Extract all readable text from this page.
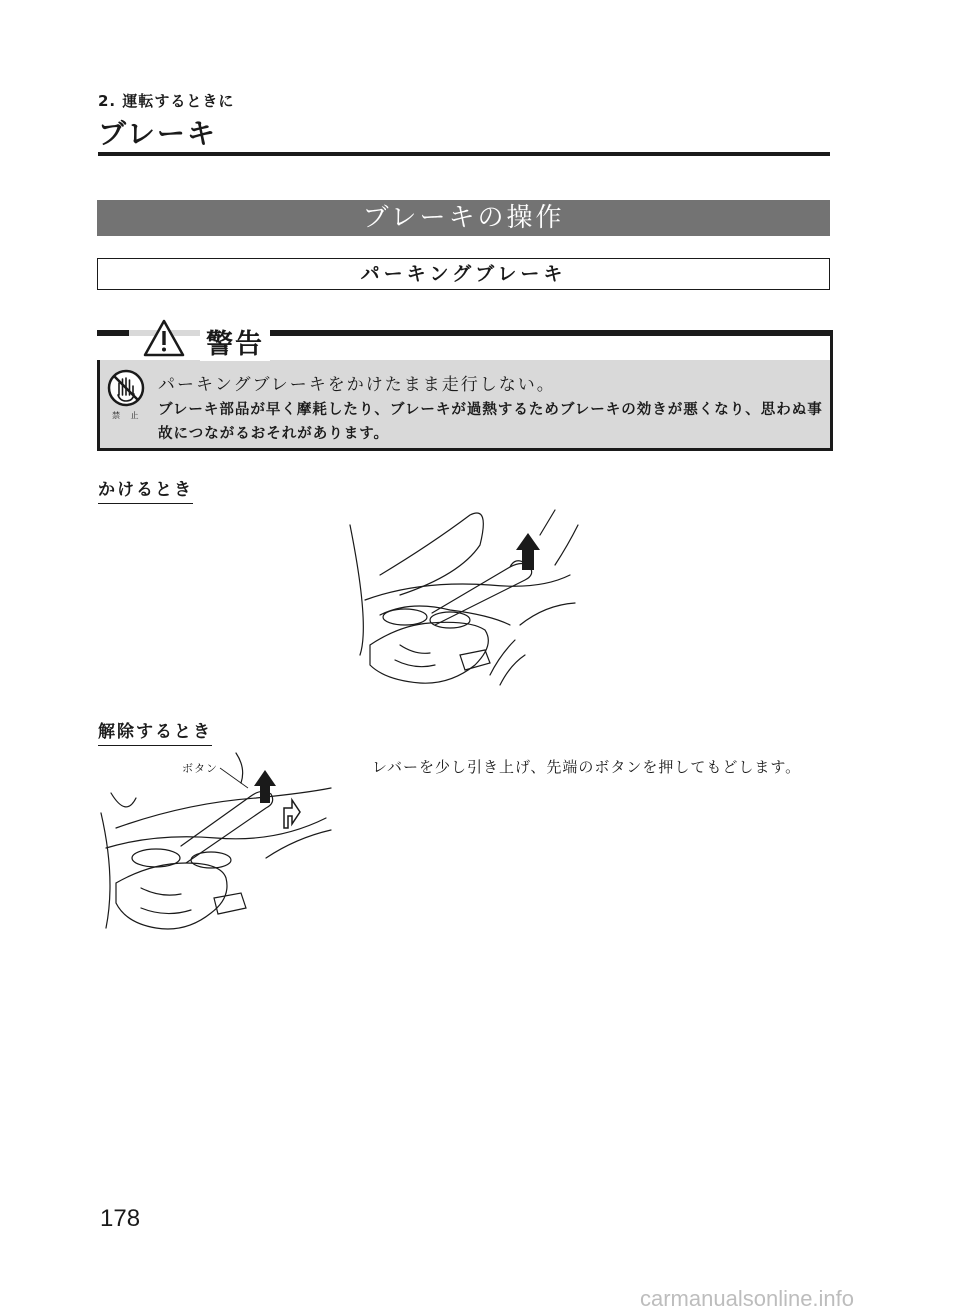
2. 運転するときに
ブレーキ
ブレーキの操作
パーキングブレーキ
警告
禁 止
パーキングブレーキをかけたまま走行しない。
ブレーキ部品が早く摩耗したり、ブレーキが過熱するためブレーキの効きが悪くなり、思わぬ事故につながるおそれがあります。
かけるとき
解除するとき
ボタン	レバーを少し引き上げ、先端のボタンを押してもどします。
178
carmanualsonline.info
